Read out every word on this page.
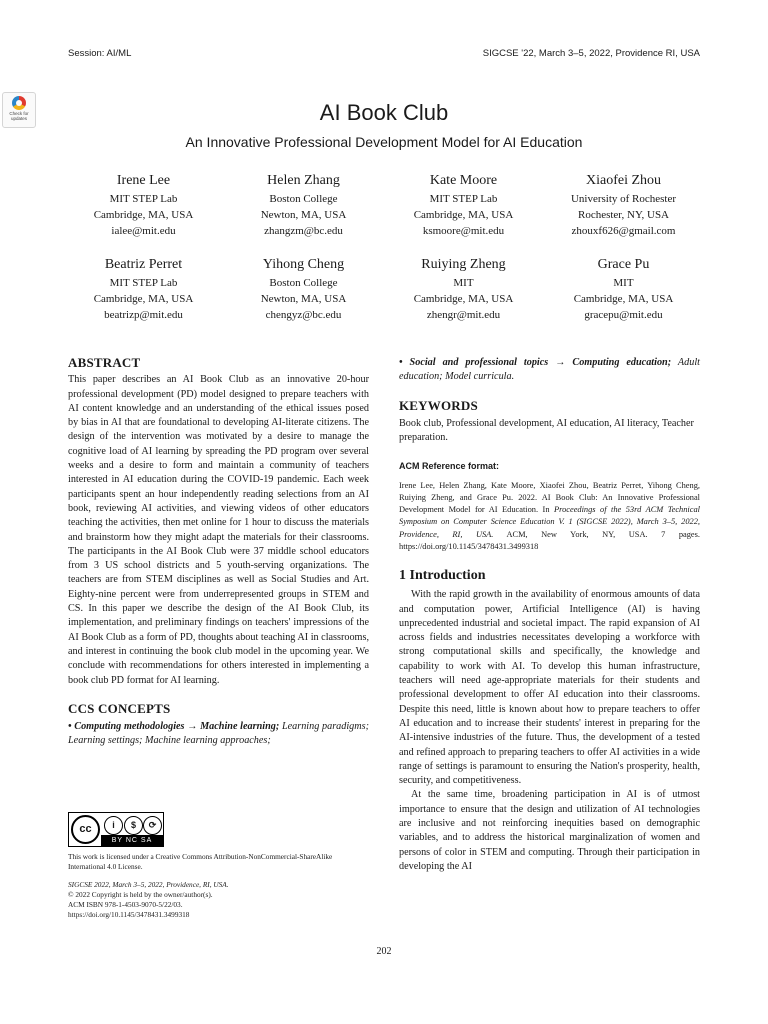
Session: AI/ML	SIGCSE '22, March 3–5, 2022, Providence RI, USA
Check for updates	AI Book Club
An Innovative Professional Development Model for AI Education
Irene Lee
MIT STEP Lab
Cambridge, MA, USA
ialee@mit.edu
Helen Zhang
Boston College
Newton, MA, USA
zhangzm@bc.edu
Kate Moore
MIT STEP Lab
Cambridge, MA, USA
ksmoore@mit.edu
Xiaofei Zhou
University of Rochester
Rochester, NY, USA
zhouxf626@gmail.com
Beatriz Perret
MIT STEP Lab
Cambridge, MA, USA
beatrizp@mit.edu
Yihong Cheng
Boston College
Newton, MA, USA
chengyz@bc.edu
Ruiying Zheng
MIT
Cambridge, MA, USA
zhengr@mit.edu
Grace Pu
MIT
Cambridge, MA, USA
gracepu@mit.edu
ABSTRACT

This paper describes an AI Book Club as an innovative 20-hour professional development (PD) model designed to prepare teachers with AI content knowledge and an understanding of the ethical issues posed by bias in AI that are foundational to developing AI-literate citizens. The design of the intervention was motivated by a desire to manage the cognitive load of AI learning by spreading the PD program over several weeks and a desire to form and maintain a community of teachers interested in AI education during the COVID-19 pandemic. Each week participants spent an hour independently reading selections from an AI book, reviewing AI activities, and viewing videos of other educators teaching the activities, then met online for 1 hour to discuss the materials and brainstorm how they might adapt the materials for their classrooms. The participants in the AI Book Club were 37 middle school educators from 3 US school districts and 5 youth-serving organizations. The teachers are from STEM disciplines as well as Social Studies and Art. Eighty-nine percent were from underrepresented groups in STEM and CS. In this paper we describe the design of the AI Book Club, its implementation, and preliminary findings on teachers' impressions of the AI Book Club as a form of PD, thoughts about teaching AI in classrooms, and interest in continuing the book club model in the upcoming year. We conclude with recommendations for others interested in implementing a book club PD format for AI learning.

CCS CONCEPTS

• Computing methodologies → Machine learning; Learning paradigms; Learning settings; Machine learning approaches;

cc	i	$	⟳
BY NC SA
This work is licensed under a Creative Commons Attribution-NonCommercial-ShareAlike International 4.0 License.
SIGCSE 2022, March 3–5, 2022, Providence, RI, USA.
© 2022 Copyright is held by the owner/author(s).
ACM ISBN 978-1-4503-9070-5/22/03.
https://doi.org/10.1145/3478431.3499318

• Social and professional topics → Computing education; Adult education; Model curricula.

KEYWORDS

Book club, Professional development, AI education, AI literacy, Teacher preparation.

ACM Reference format:

Irene Lee, Helen Zhang, Kate Moore, Xiaofei Zhou, Beatriz Perret, Yihong Cheng, Ruiying Zheng, and Grace Pu. 2022. AI Book Club: An Innovative Professional Development Model for AI Education. In Proceedings of the 53rd ACM Technical Symposium on Computer Science Education V. 1 (SIGCSE 2022), March 3–5, 2022, Providence, RI, USA. ACM, New York, NY, USA. 7 pages. https://doi.org/10.1145/3478431.3499318

1 Introduction

With the rapid growth in the availability of enormous amounts of data and computation power, Artificial Intelligence (AI) is having unprecedented industrial and societal impact. The rapid expansion of AI across fields and industries necessitates developing a workforce with strong computational skills and specifically, the knowledge and capability to work with AI. To develop this human infrastructure, teachers will need age-appropriate materials for their students and professional development to offer AI education into their classrooms. Despite this need, little is known about how to prepare teachers to offer AI education and to increase their students' interest in preparing for the AI-intensive industries of the future. Thus, the development of a tested and refined approach to preparing teachers to offer AI activities in a wide range of settings is paramount to ensuring the Nation's prosperity, health, security, and competitiveness.

At the same time, broadening participation in AI is of utmost importance to ensure that the design and utilization of AI technologies are inclusive and not reinforcing inequities based on demographic variables, and to address the historical marginalization of women and persons of color in STEM and computing. Through their participation in developing the AI

202
